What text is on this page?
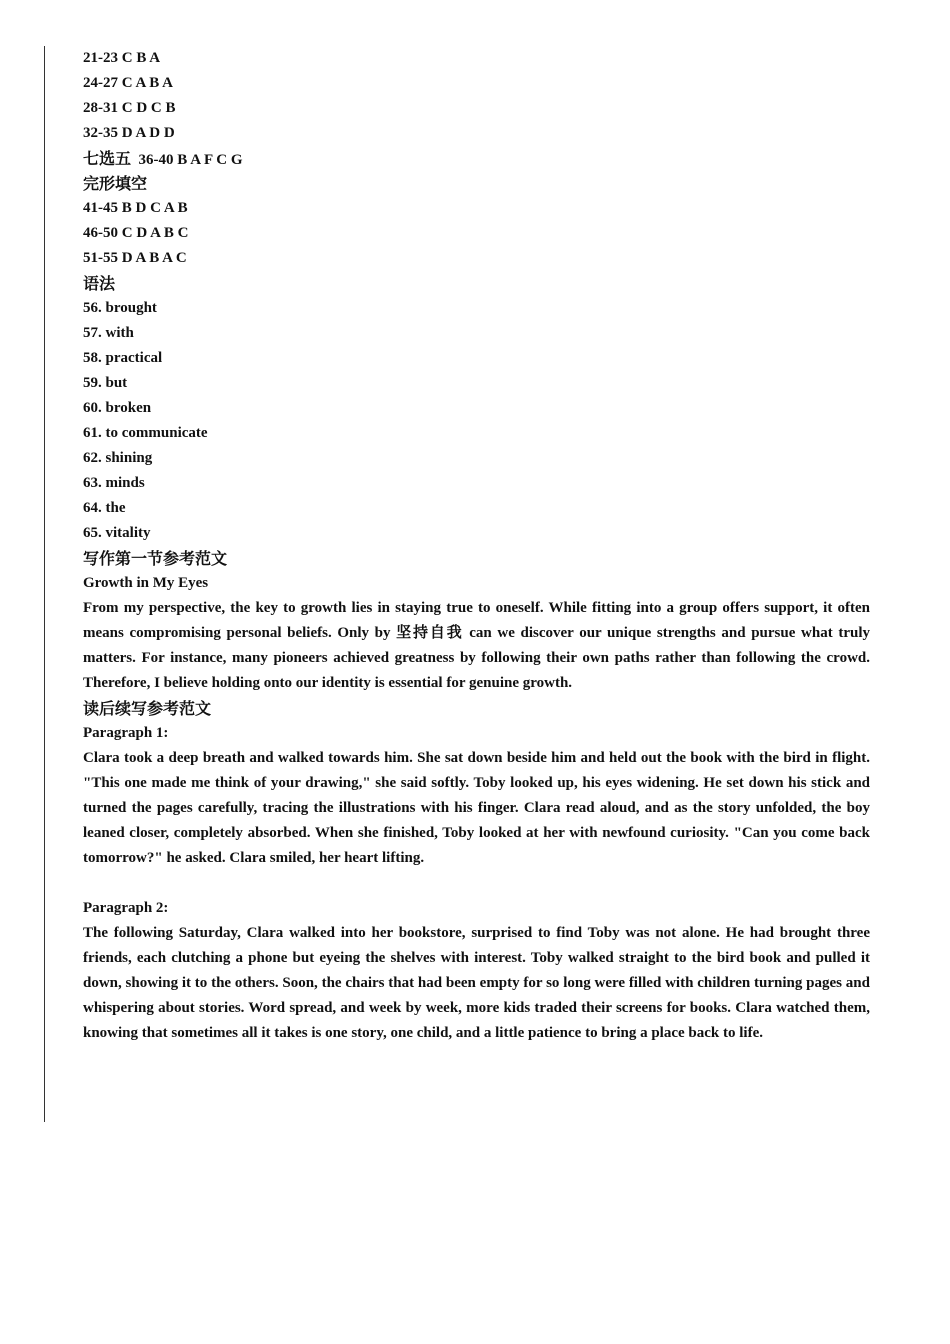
21-23 C B A
24-27 C A B A
28-31 C D C B
32-35 D A D D
七选五 36-40 B A F C G
完形填空
41-45 B D C A B
46-50 C D A B C
51-55 D A B A C
语法
56. brought
57. with
58. practical
59. but
60. broken
61. to communicate
62. shining
63. minds
64. the
65. vitality
写作第一节参考范文
Growth in My Eyes
From my perspective, the key to growth lies in staying true to oneself. While fitting into a group offers support, it often means compromising personal beliefs. Only by 坚持自我 can we discover our unique strengths and pursue what truly matters. For instance, many pioneers achieved greatness by following their own paths rather than following the crowd. Therefore, I believe holding onto our identity is essential for genuine growth.
读后续写参考范文
Paragraph 1:
Clara took a deep breath and walked towards him. She sat down beside him and held out the book with the bird in flight. "This one made me think of your drawing," she said softly. Toby looked up, his eyes widening. He set down his stick and turned the pages carefully, tracing the illustrations with his finger. Clara read aloud, and as the story unfolded, the boy leaned closer, completely absorbed. When she finished, Toby looked at her with newfound curiosity. "Can you come back tomorrow?" he asked. Clara smiled, her heart lifting.
Paragraph 2:
The following Saturday, Clara walked into her bookstore, surprised to find Toby was not alone. He had brought three friends, each clutching a phone but eyeing the shelves with interest. Toby walked straight to the bird book and pulled it down, showing it to the others. Soon, the chairs that had been empty for so long were filled with children turning pages and whispering about stories. Word spread, and week by week, more kids traded their screens for books. Clara watched them, knowing that sometimes all it takes is one story, one child, and a little patience to bring a place back to life.
